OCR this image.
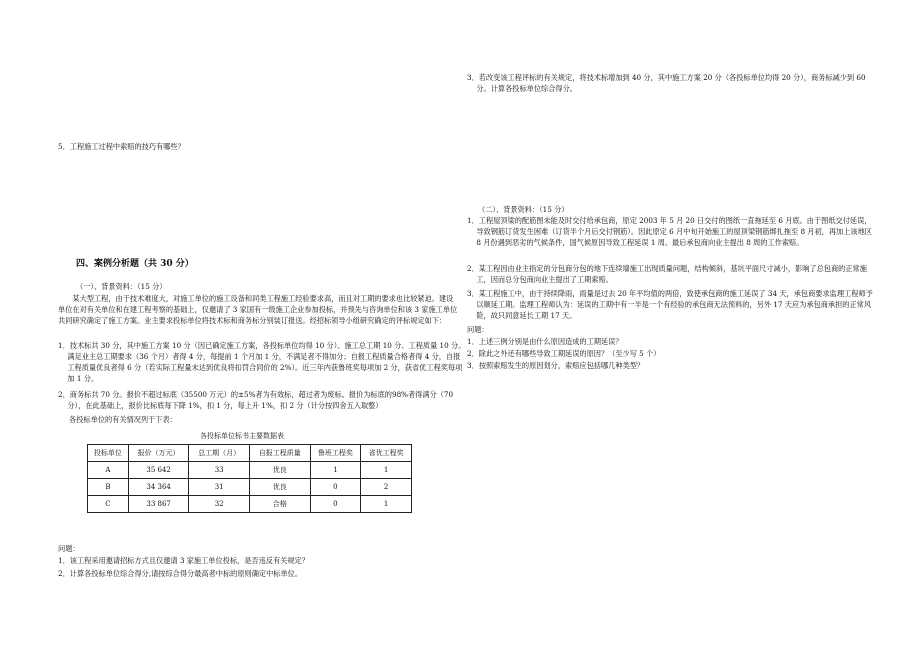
5．工程施工过程中索赔的技巧有哪些？

四、案例分析题（共 30 分）

（一）、背景资料：（15 分）

某大型工程，由于技术难度大，对施工单位的施工设备和同类工程施工经验要求高，而且对工期的要求也比较紧迫。建设单位在对有关单位和在建工程考察的基础上，仅邀请了 3 家国有一级施工企业参加投标，并预先与咨询单位和该 3 家施工单位共同研究确定了施工方案。业主要求投标单位将技术标和商务标分别装订报送。经招标领导小组研究确定的评标规定如下：

1．技术标共 30 分，其中施工方案 10 分（因已确定施工方案，各投标单位均得 10 分）、施工总工期 10 分、工程质量 10 分。满足业主总工期要求（36 个月）者得 4 分，每提前 1 个月加 1 分，不满足者不得加分；自报工程质量合格者得 4 分，自报工程质量优良者得 6 分（若实际工程量未达到优良将扣罚合同价的 2%）。近三年内获鲁班奖每项加 2 分，获省优工程奖每项加 1 分。

2．商务标共 70 分。报价不超过标底（35500 万元）的±5%者为有效标，超过者为废标。报价为标底的98%者得满分（70 分），在此基础上，报价比标底每下降 1%，扣 1 分，每上升 1%，扣 2 分（计分按四舍五入取整）

各投标单位的有关情况列于下表：

各投标单位标书主要数据表
投标单位	报价（万元）	总工期（月）	自报工程质量	鲁班工程奖	省优工程奖
A	35 642	33	优良	1	1
B	34 364	31	优良	0	2
C	33 867	32	合格	0	1

问题：

1．该工程采用邀请招标方式且仅邀请 3 家施工单位投标，是否违反有关规定？

2．计算各投标单位综合得分,请按综合得分最高者中标的原则确定中标单位。

3．若改变该工程评标的有关规定，将技术标增加到 40 分，其中施工方案 20 分（各投标单位均得 20 分），商务标减少到 60 分。计算各投标单位综合得分。

（二）、背景资料：（15 分）

1．工程屋顶梁的配筋图未能及时交付给承包商，原定 2003 年 5 月 20 日交付的图纸一直拖延至 6 月底。由于图纸交付延误，导致钢筋订货发生困难（订货半个月后交付钢筋）。因此原定 6 月中旬开始施工的屋顶梁钢筋绑扎拖至 8 月初，再加上该地区 8 月份遇到恶劣的气候条件，国气候原因导致工程延误 1 周。最后承包商向业主提出 8 周的工作索赔。

2．某工程因由业主指定的分包商分包的地下连续墙施工出现质量问题，结构倾斜，基坑平面尺寸减小，影响了总包商的正常施工，因而总分包商向业主提出了工期索赔。

3．某工程施工中，由于持续降雨，雨量是过去 20 年平均值的两倍，致使承包商的施工延误了 34 天，承包商要求监理工程师予以顺延工期。监理工程师认为：延误的工期中有一半是一个有经验的承包商无法预料的，另外 17 天应为承包商承担的正常风险，故只同意延长工期 17 天。

问题：

1．上述三例分别是由什么原因造成的工期延误？

2．除此之外还有哪些导致工期延误的原因？（至少写 5 个）

3．按照索赔发生的原因划分，索赔应包括哪几种类型？
